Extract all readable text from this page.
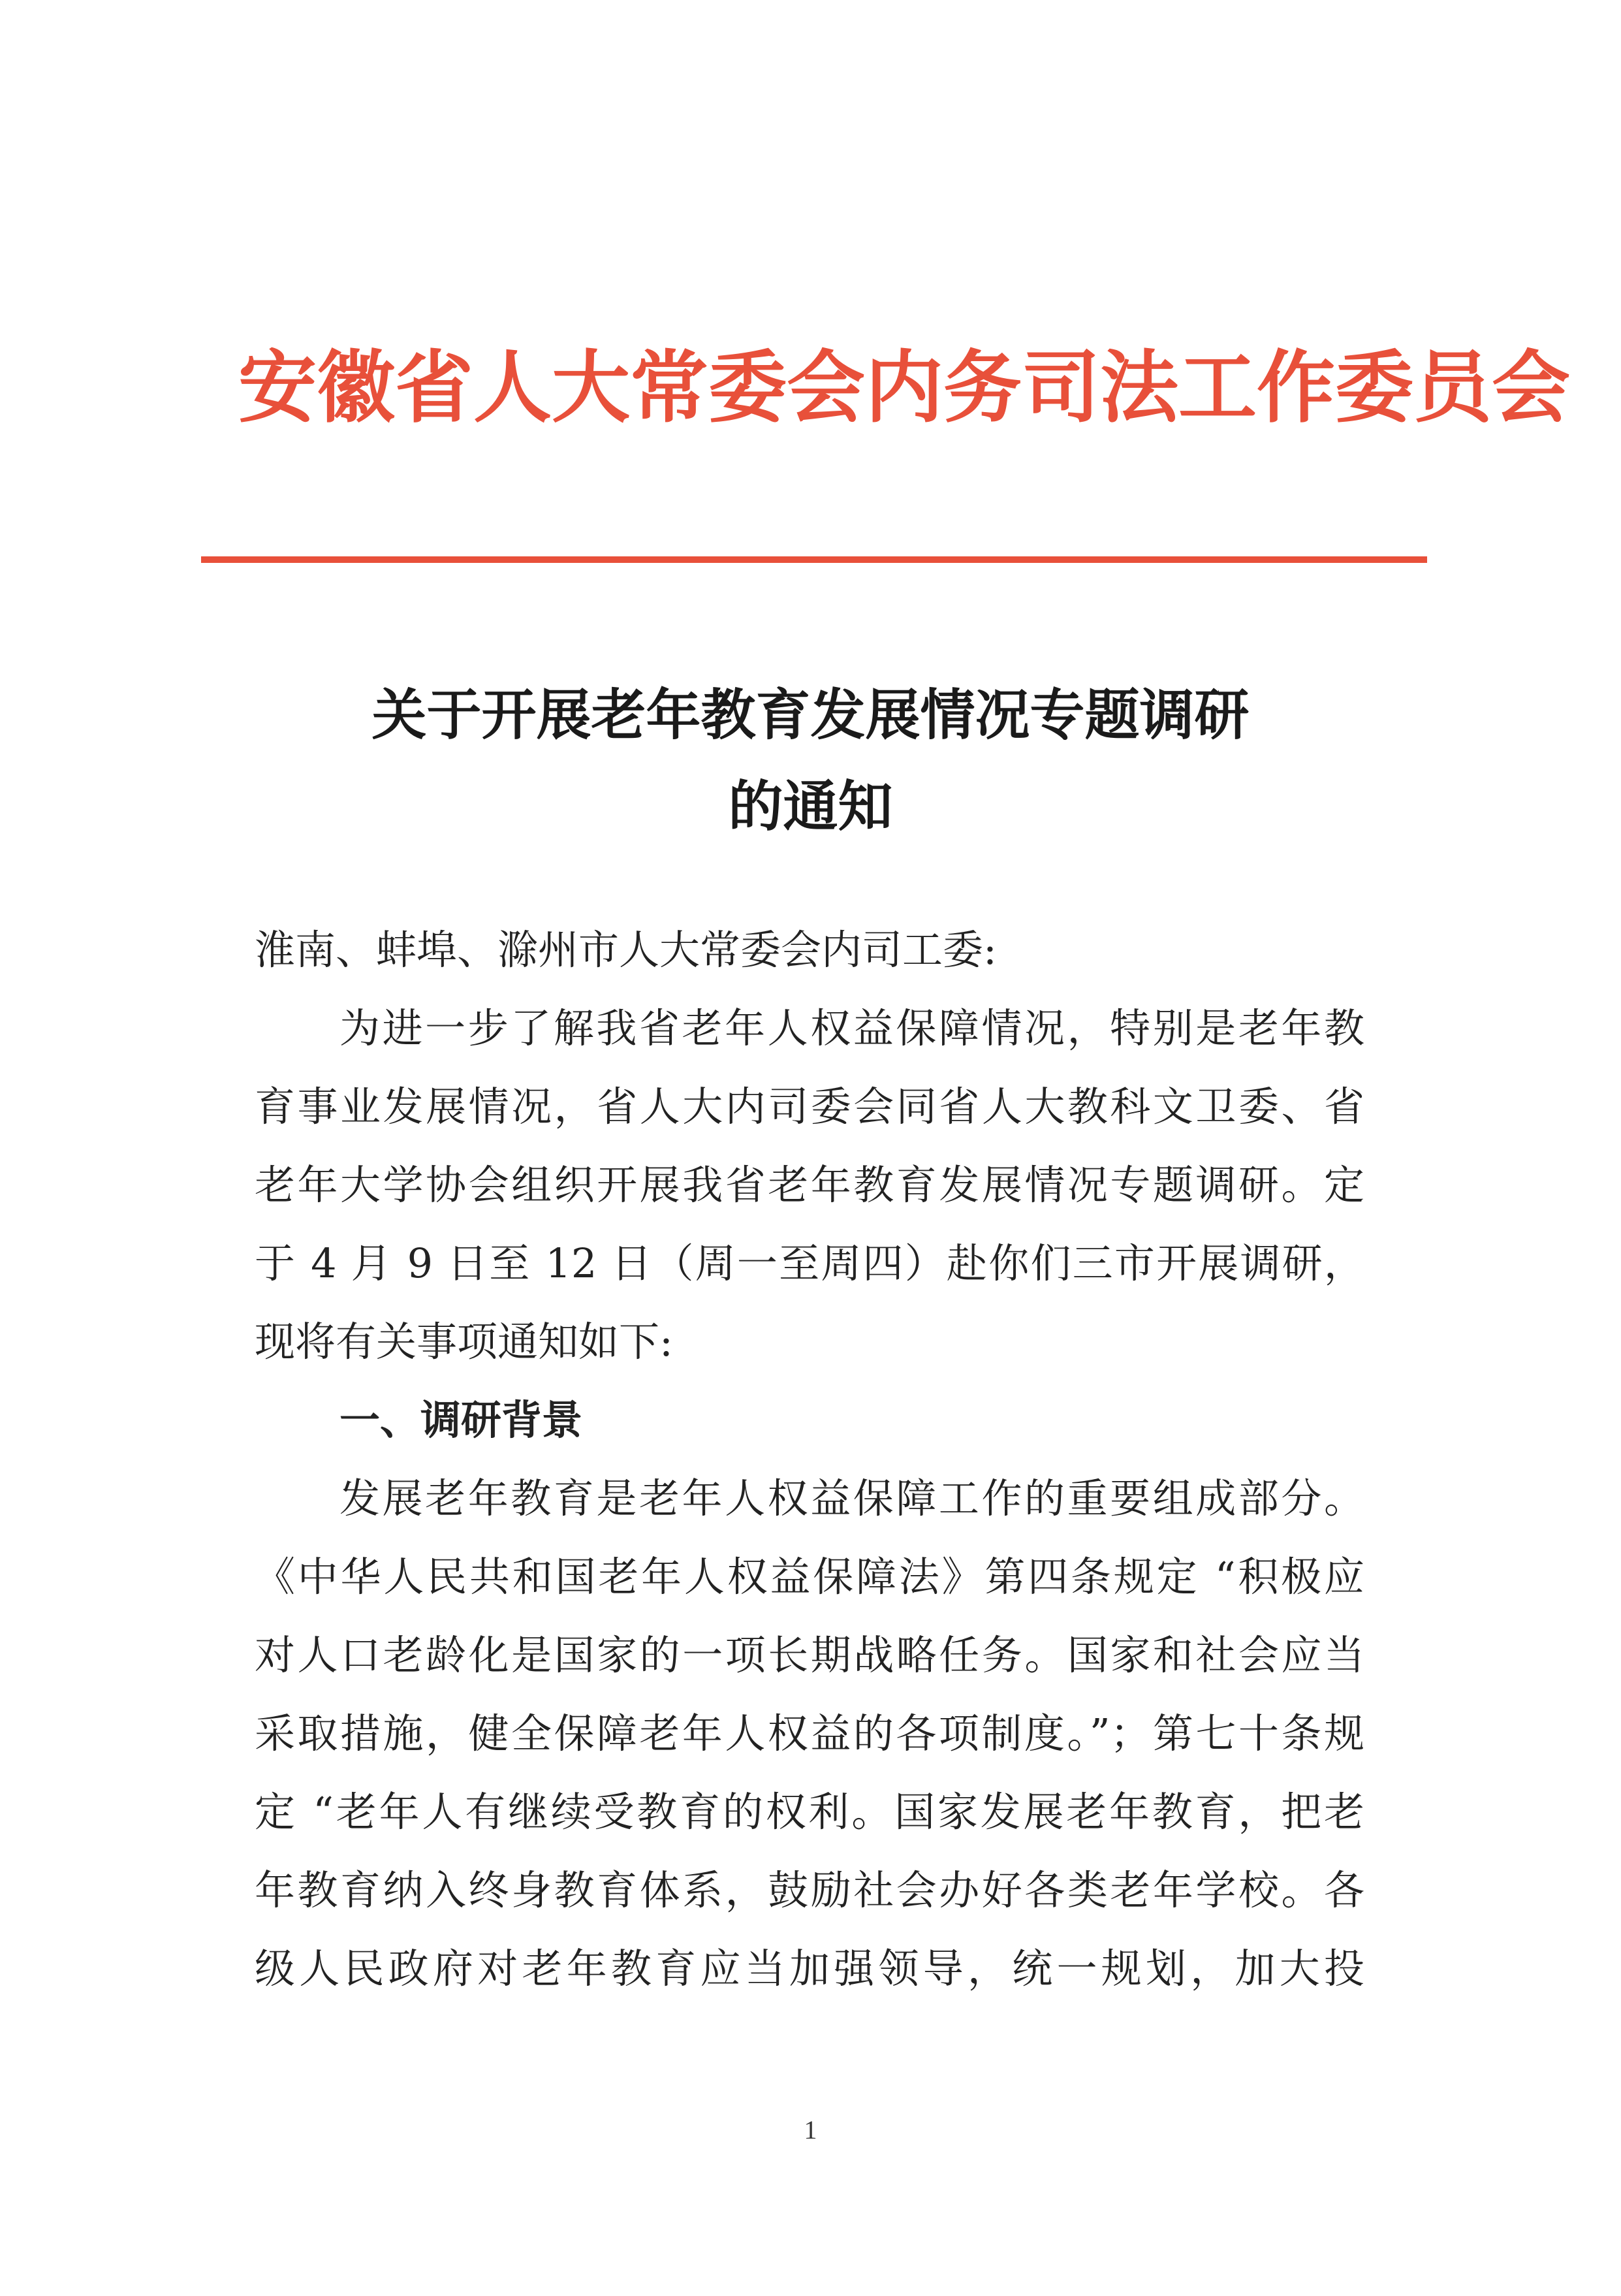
安徽省人大常委会内务司法工作委员会
关于开展老年教育发展情况专题调研
的通知
淮南、蚌埠、滁州市人大常委会内司工委:
为进一步了解我省老年人权益保障情况，特别是老年教
育事业发展情况，省人大内司委会同省人大教科文卫委、省
老年大学协会组织开展我省老年教育发展情况专题调研。定
于 4 月 9 日至 12 日（周一至周四）赴你们三市开展调研，
现将有关事项通知如下:
一、调研背景
发展老年教育是老年人权益保障工作的重要组成部分。
《中华人民共和国老年人权益保障法》第四条规定 “积极应
对人口老龄化是国家的一项长期战略任务。国家和社会应当
采取措施，健全保障老年人权益的各项制度。”；第七十条规
定 “老年人有继续受教育的权利。国家发展老年教育，把老
年教育纳入终身教育体系，鼓励社会办好各类老年学校。各
级人民政府对老年教育应当加强领导，统一规划，加大投
1
